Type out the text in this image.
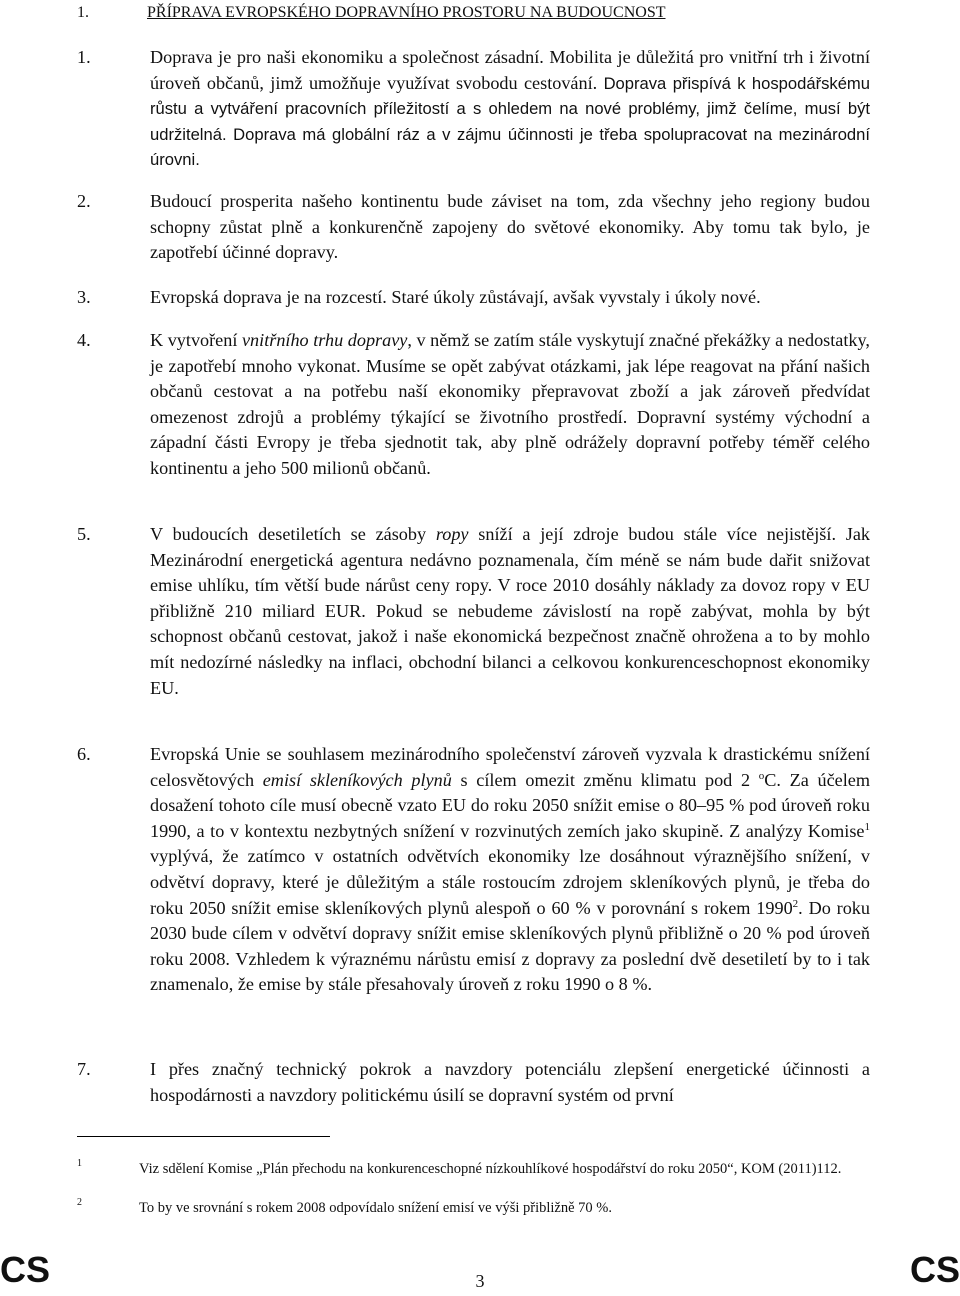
1.	PŘÍPRAVA EVROPSKÉHO DOPRAVNÍHO PROSTORU NA BUDOUCNOST
1.	Doprava je pro naši ekonomiku a společnost zásadní. Mobilita je důležitá pro vnitřní trh i životní úroveň občanů, jimž umožňuje využívat svobodu cestování. Doprava přispívá k hospodářskému růstu a vytváření pracovních příležitostí a s ohledem na nové problémy, jimž čelíme, musí být udržitelná. Doprava má globální ráz a v zájmu účinnosti je třeba spolupracovat na mezinárodní úrovni.
2.	Budoucí prosperita našeho kontinentu bude záviset na tom, zda všechny jeho regiony budou schopny zůstat plně a konkurenčně zapojeny do světové ekonomiky. Aby tomu tak bylo, je zapotřebí účinné dopravy.
3.	Evropská doprava je na rozcestí. Staré úkoly zůstávají, avšak vyvstaly i úkoly nové.
4.	K vytvoření vnitřního trhu dopravy, v němž se zatím stále vyskytují značné překážky a nedostatky, je zapotřebí mnoho vykonat. Musíme se opět zabývat otázkami, jak lépe reagovat na přání našich občanů cestovat a na potřebu naší ekonomiky přepravovat zboží a jak zároveň předvídat omezenost zdrojů a problémy týkající se životního prostředí. Dopravní systémy východní a západní části Evropy je třeba sjednotit tak, aby plně odrážely dopravní potřeby téměř celého kontinentu a jeho 500 milionů občanů.
5.	V budoucích desetiletích se zásoby ropy sníží a její zdroje budou stále více nejistější. Jak Mezinárodní energetická agentura nedávno poznamenala, čím méně se nám bude dařit snižovat emise uhlíku, tím větší bude nárůst ceny ropy. V roce 2010 dosáhly náklady za dovoz ropy v EU přibližně 210 miliard EUR. Pokud se nebudeme závislostí na ropě zabývat, mohla by být schopnost občanů cestovat, jakož i naše ekonomická bezpečnost značně ohrožena a to by mohlo mít nedozírné následky na inflaci, obchodní bilanci a celkovou konkurenceschopnost ekonomiky EU.
6.	Evropská Unie se souhlasem mezinárodního společenství zároveň vyzvala k drastickému snížení celosvětových emisí skleníkových plynů s cílem omezit změnu klimatu pod 2 $^o$C. Za účelem dosažení tohoto cíle musí obecně vzato EU do roku 2050 snížit emise o 80–95 % pod úroveň roku 1990, a to v kontextu nezbytných snížení v rozvinutých zemích jako skupině. Z analýzy Komise$^1$ vyplývá, že zatímco v ostatních odvětvích ekonomiky lze dosáhnout výraznějšího snížení, v odvětví dopravy, které je důležitým a stále rostoucím zdrojem skleníkových plynů, je třeba do roku 2050 snížit emise skleníkových plynů alespoň o 60 % v porovnání s rokem 1990$^2$. Do roku 2030 bude cílem v odvětví dopravy snížit emise skleníkových plynů přibližně o 20 % pod úroveň roku 2008. Vzhledem k výraznému nárůstu emisí z dopravy za poslední dvě desetiletí by to i tak znamenalo, že emise by stále přesahovaly úroveň z roku 1990 o 8 %.
7.	I přes značný technický pokrok a navzdory potenciálu zlepšení energetické účinnosti a hospodárnosti a navzdory politickému úsilí se dopravní systém od první
1	Viz sdělení Komise „Plán přechodu na konkurenceschopné nízkouhlíkové hospodářství do roku 2050“, KOM (2011)112.
2	To by ve srovnání s rokem 2008 odpovídalo snížení emisí ve výši přibližně 70 %.
CS	3	CS
